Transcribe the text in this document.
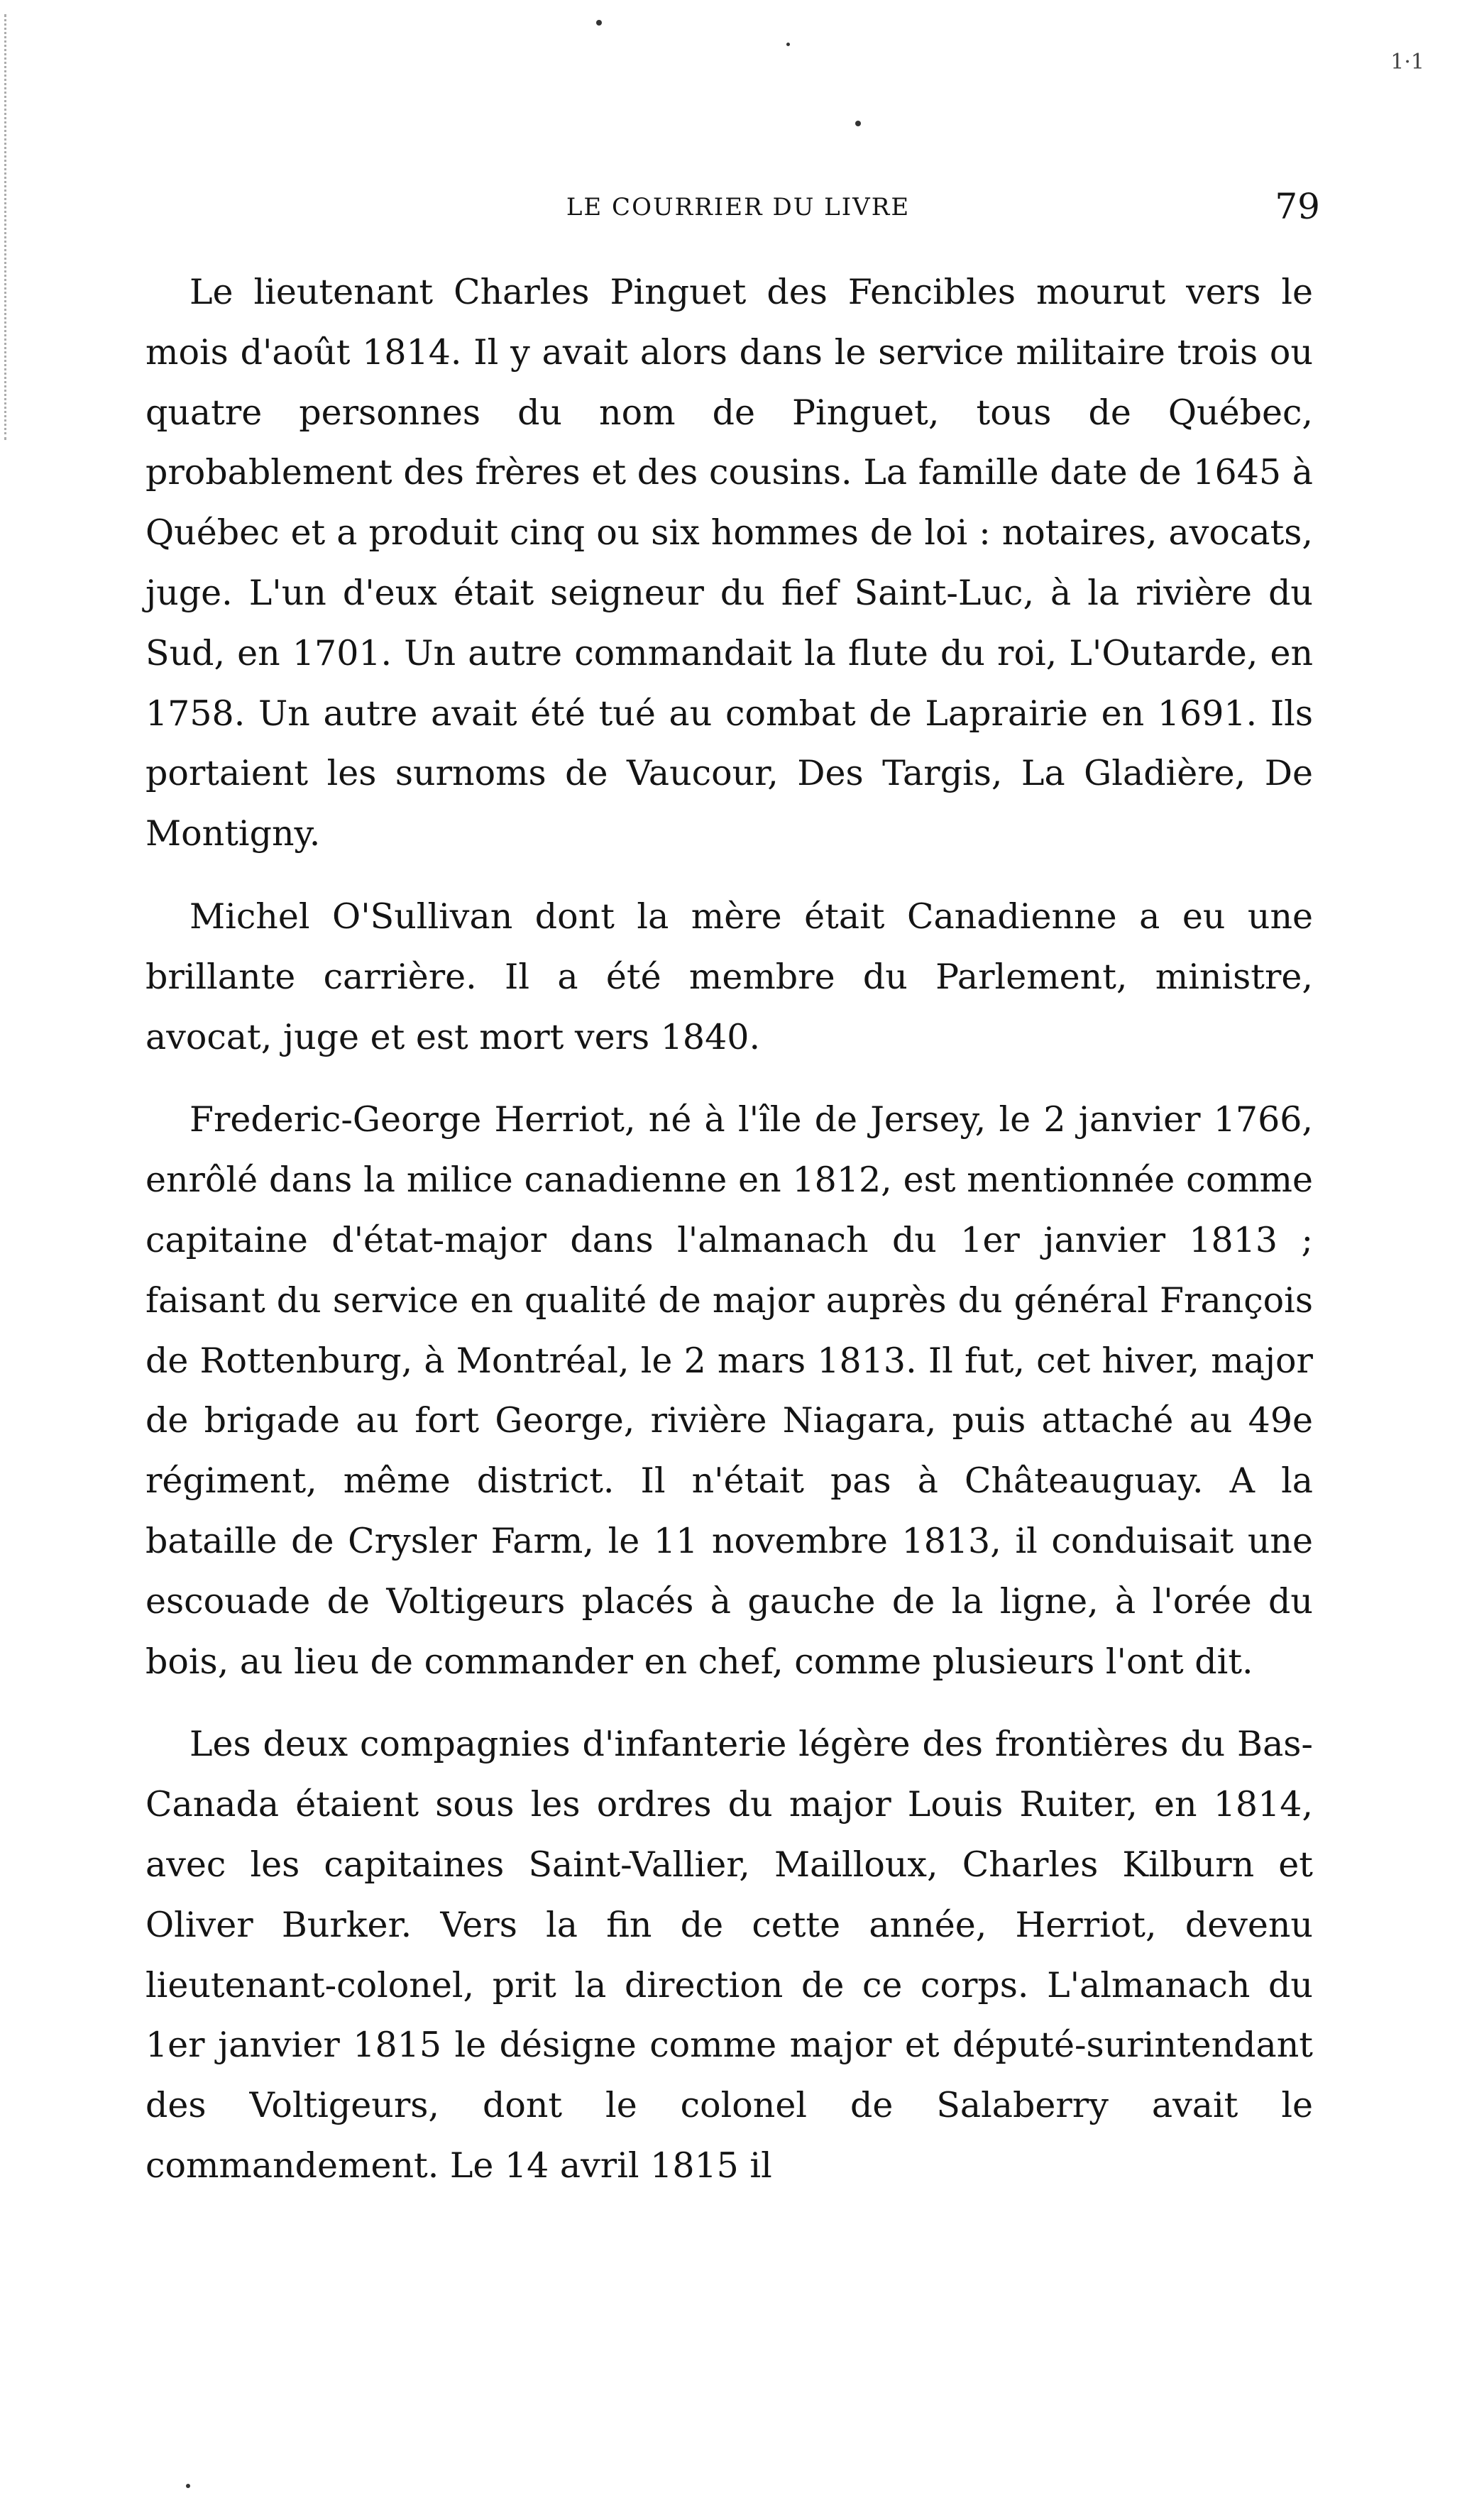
1·1
LE COURRIER DU LIVRE	79

Le lieutenant Charles Pinguet des Fencibles mourut vers le mois d'août 1814. Il y avait alors dans le service militaire trois ou quatre personnes du nom de Pinguet, tous de Québec, probablement des frères et des cousins. La famille date de 1645 à Québec et a produit cinq ou six hommes de loi : notaires, avocats, juge. L'un d'eux était seigneur du fief Saint-Luc, à la rivière du Sud, en 1701. Un autre commandait la flute du roi, L'Outarde, en 1758. Un autre avait été tué au combat de Laprairie en 1691. Ils portaient les surnoms de Vaucour, Des Targis, La Gladière, De Montigny.

Michel O'Sullivan dont la mère était Canadienne a eu une brillante carrière. Il a été membre du Parlement, ministre, avocat, juge et est mort vers 1840.

Frederic-George Herriot, né à l'île de Jersey, le 2 janvier 1766, enrôlé dans la milice canadienne en 1812, est mentionnée comme capitaine d'état-major dans l'almanach du 1er janvier 1813 ; faisant du service en qualité de major auprès du général François de Rottenburg, à Montréal, le 2 mars 1813. Il fut, cet hiver, major de brigade au fort George, rivière Niagara, puis attaché au 49e régiment, même district. Il n'était pas à Châteauguay. A la bataille de Crysler Farm, le 11 novembre 1813, il conduisait une escouade de Voltigeurs placés à gauche de la ligne, à l'orée du bois, au lieu de commander en chef, comme plusieurs l'ont dit.

Les deux compagnies d'infanterie légère des frontières du Bas-Canada étaient sous les ordres du major Louis Ruiter, en 1814, avec les capitaines Saint-Vallier, Mailloux, Charles Kilburn et Oliver Burker. Vers la fin de cette année, Herriot, devenu lieutenant-colonel, prit la direction de ce corps. L'almanach du 1er janvier 1815 le désigne comme major et député-surintendant des Voltigeurs, dont le colonel de Salaberry avait le commandement. Le 14 avril 1815 il
